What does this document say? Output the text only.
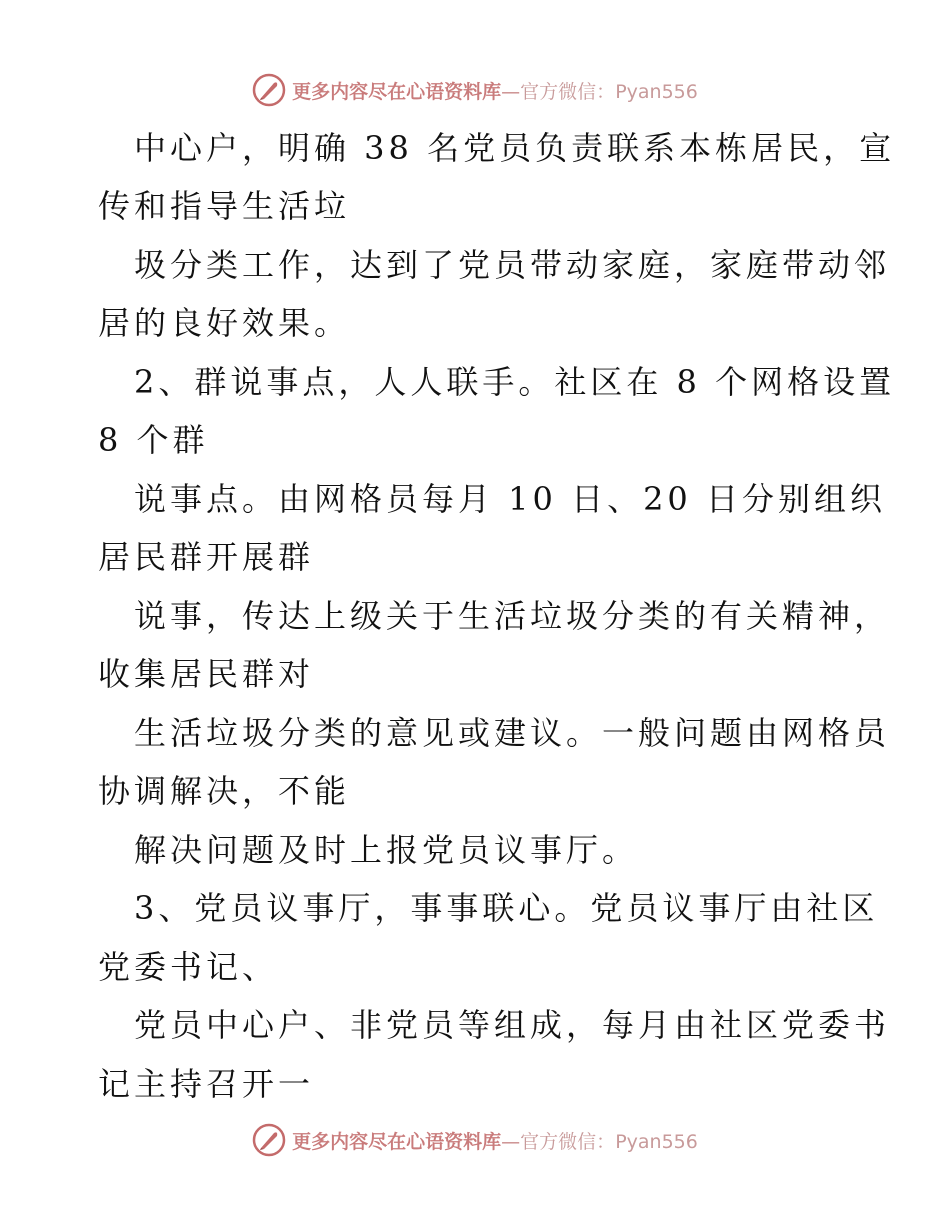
更多内容尽在心语资料库—官方微信：Pyan556
　中心户，明确 38 名党员负责联系本栋居民，宣
传和指导生活垃
　圾分类工作，达到了党员带动家庭，家庭带动邻
居的良好效果。
　2、群说事点，人人联手。社区在 8 个网格设置
8 个群
　说事点。由网格员每月 10 日、20 日分别组织
居民群开展群
　说事，传达上级关于生活垃圾分类的有关精神，
收集居民群对
　生活垃圾分类的意见或建议。一般问题由网格员
协调解决，不能
　解决问题及时上报党员议事厅。
　3、党员议事厅，事事联心。党员议事厅由社区
党委书记、
　党员中心户、非党员等组成，每月由社区党委书
记主持召开一
更多内容尽在心语资料库—官方微信：Pyan556
